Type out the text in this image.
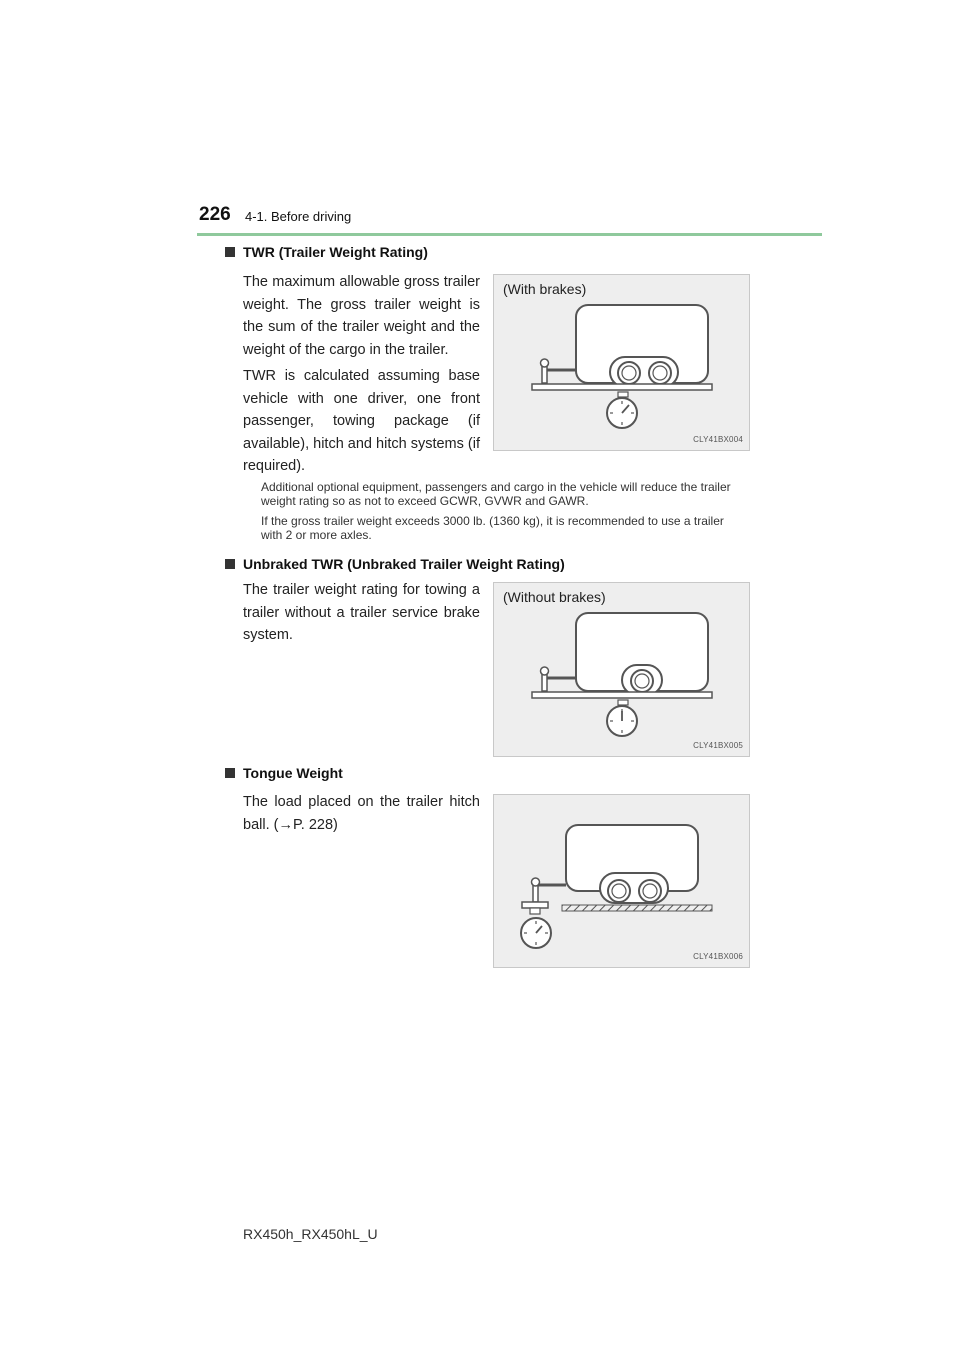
226 4-1. Before driving
TWR (Trailer Weight Rating)

The maximum allowable gross trailer weight. The gross trailer weight is the sum of the trailer weight and the weight of the cargo in the trailer.

TWR is calculated assuming base vehicle with one driver, one front passenger, towing package (if available), hitch and hitch systems (if required).

(With brakes)
CLY41BX004

Additional optional equipment, passengers and cargo in the vehicle will reduce the trailer weight rating so as not to exceed GCWR, GVWR and GAWR.

If the gross trailer weight exceeds 3000 lb. (1360 kg), it is recommended to use a trailer with 2 or more axles.

Unbraked TWR (Unbraked Trailer Weight Rating)

The trailer weight rating for towing a trailer without a trailer service brake system.

(Without brakes)
CLY41BX005
Tongue Weight

The load placed on the trailer hitch ball. (→P. 228)

CLY41BX006
RX450h_RX450hL_U
